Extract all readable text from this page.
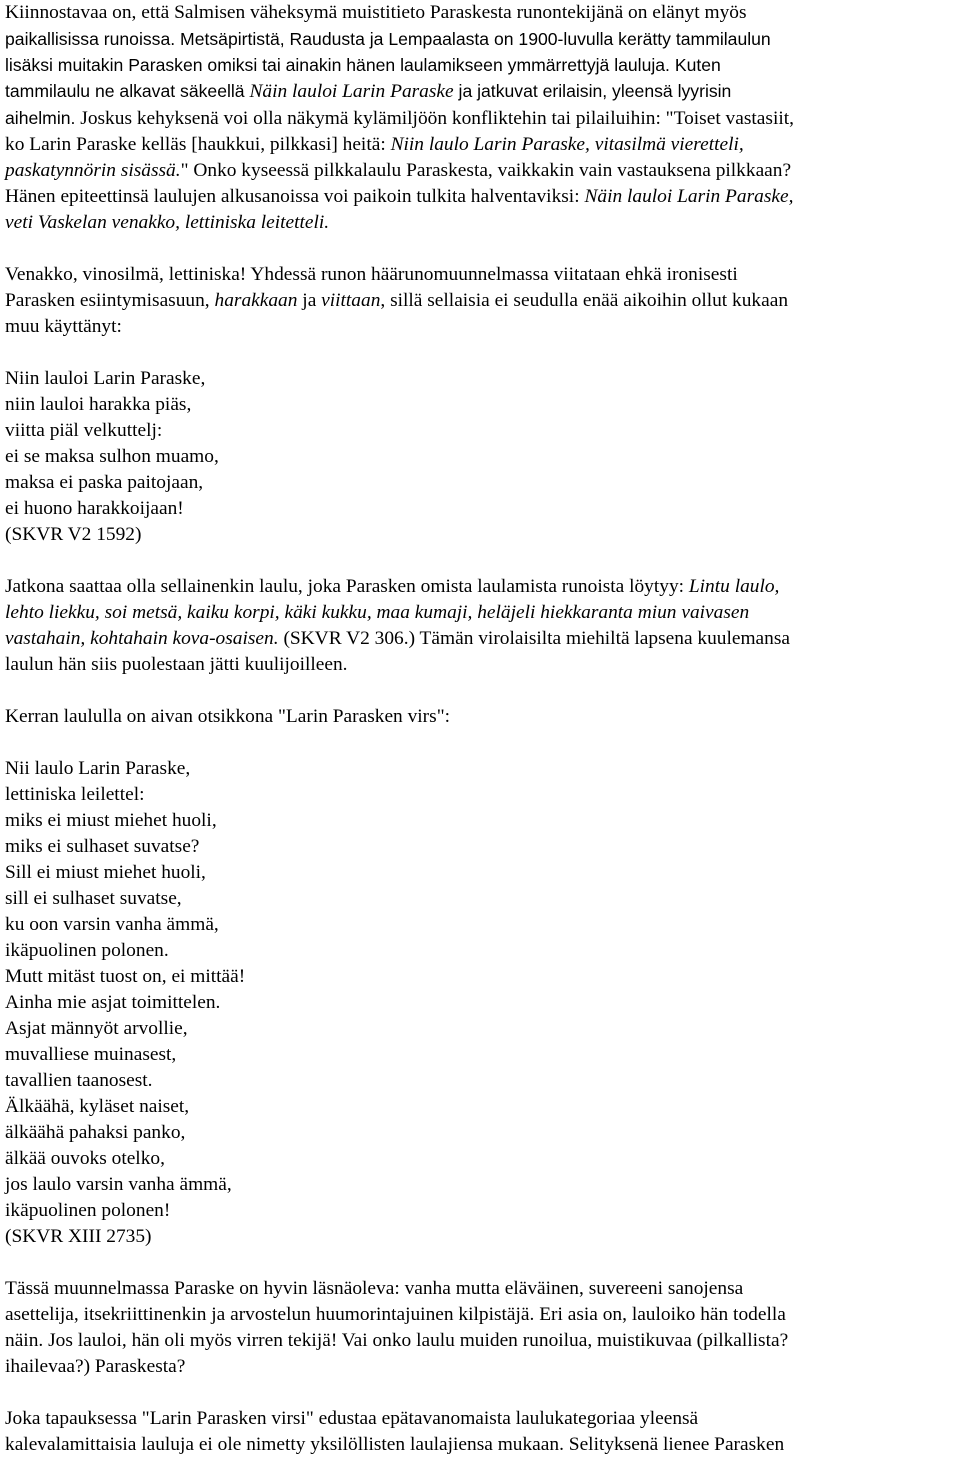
Kiinnostavaa on, että Salmisen väheksymä muistitieto Paraskesta runontekijänä on elänyt myös
paikallisissa runoissa. Metsäpirtistä, Raudusta ja Lempaalasta on 1900-luvulla kerätty tammilaulun
lisäksi muitakin Parasken omiksi tai ainakin hänen laulamikseen ymmärrettyjä lauluja. Kuten
tammilaulu ne alkavat säkeellä Näin lauloi Larin Paraske ja jatkuvat erilaisin, yleensä lyyrisin
aihelmin. Joskus kehyksenä voi olla näkymä kylämiljöön konfliktehin tai pilailuihin: "Toiset vastasiit,
ko Larin Paraske kelläs [haukkui, pilkkasi] heitä: Niin laulo Larin Paraske, vitasilmä vieretteli,
paskatynnörin sisässä." Onko kyseessä pilkkalaulu Paraskesta, vaikkakin vain vastauksena pilkkaan?
Hänen epiteettinsä laulujen alkusanoissa voi paikoin tulkita halventaviksi: Näin lauloi Larin Paraske,
veti Vaskelan venakko, lettiniska leitetteli.

Venakko, vinosilmä, lettiniska! Yhdessä runon häärunomuunnelmassa viitataan ehkä ironisesti
Parasken esiintymisasuun, harakkaan ja viittaan, sillä sellaisia ei seudulla enää aikoihin ollut kukaan
muu käyttänyt:

Niin lauloi Larin Paraske,
niin lauloi harakka piäs,
viitta piäl velkuttelj:
ei se maksa sulhon muamo,
maksa ei paska paitojaan,
ei huono harakkoijaan!
(SKVR V2 1592)

Jatkona saattaa olla sellainenkin laulu, joka Parasken omista laulamista runoista löytyy: Lintu laulo,
lehto liekku, soi metsä, kaiku korpi, käki kukku, maa kumaji, heläjeli hiekkaranta miun vaivasen
vastahain, kohtahain kova-osaisen. (SKVR V2 306.) Tämän virolaisilta miehiltä lapsena kuulemansa
laulun hän siis puolestaan jätti kuulijoilleen.

Kerran laululla on aivan otsikkona "Larin Parasken virs":

Nii laulo Larin Paraske,
lettiniska leilettel:
miks ei miust miehet huoli,
miks ei sulhaset suvatse?
Sill ei miust miehet huoli,
sill ei sulhaset suvatse,
ku oon varsin vanha ämmä,
ikäpuolinen polonen.
Mutt mitäst tuost on, ei mittää!
Ainha mie asjat toimittelen.
Asjat männyöt arvollie,
muvalliese muinasest,
tavallien taanosest.
Älkäähä, kyläset naiset,
älkäähä pahaksi panko,
älkää ouvoks otelko,
jos laulo varsin vanha ämmä,
ikäpuolinen polonen!
(SKVR XIII 2735)

Tässä muunnelmassa Paraske on hyvin läsnäoleva: vanha mutta eläväinen, suvereeni sanojensa
asettelija, itsekriittinenkin ja arvostelun huumorintajuinen kilpistäjä. Eri asia on, lauloiko hän todella
näin. Jos lauloi, hän oli myös virren tekijä! Vai onko laulu muiden runoilua, muistikuvaa (pilkallista?
ihailevaa?) Paraskesta?

Joka tapauksessa "Larin Parasken virsi" edustaa epätavanomaista laulukategoriaa yleensä
kalevalamittaisia lauluja ei ole nimetty yksilöllisten laulajiensa mukaan. Selityksenä lienee Parasken
